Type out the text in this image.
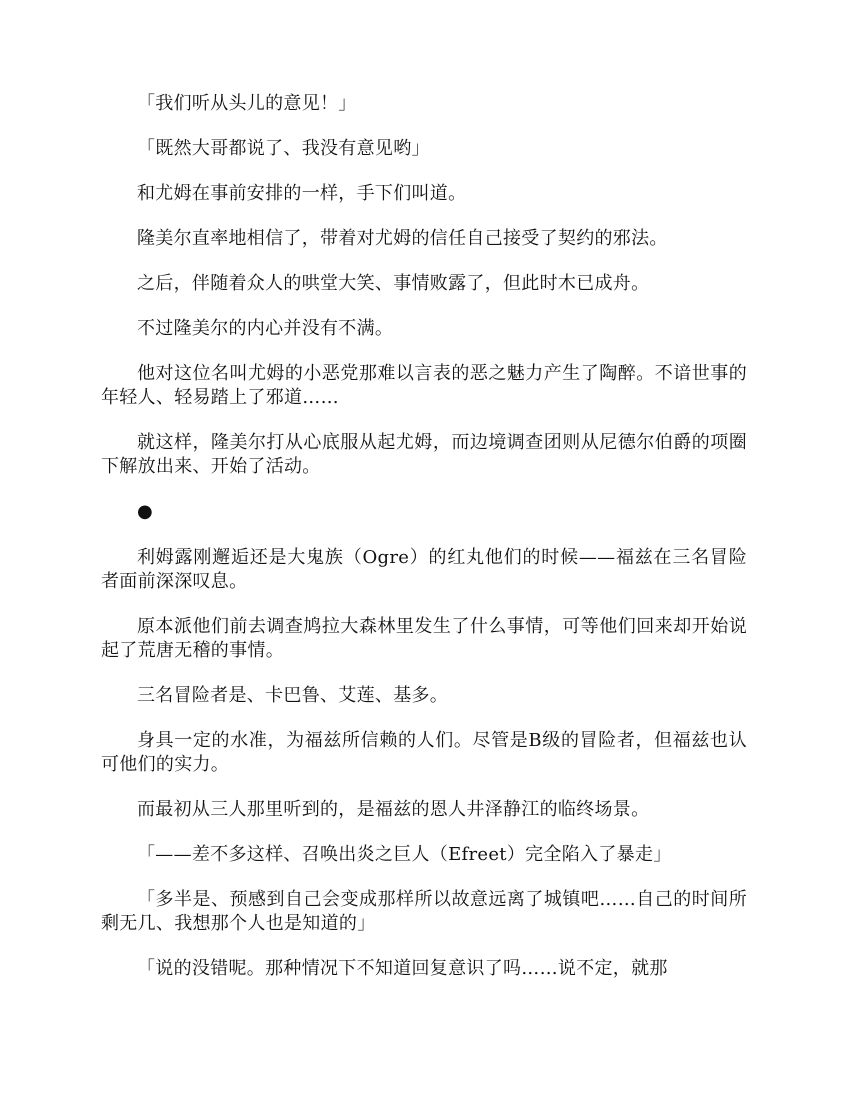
「我们听从头儿的意见！」

「既然大哥都说了、我没有意见哟」

和尤姆在事前安排的一样，手下们叫道。

隆美尔直率地相信了，带着对尤姆的信任自己接受了契约的邪法。

之后，伴随着众人的哄堂大笑、事情败露了，但此时木已成舟。

不过隆美尔的内心并没有不满。

他对这位名叫尤姆的小恶党那难以言表的恶之魅力产生了陶醉。不谙世事的年轻人、轻易踏上了邪道……

就这样，隆美尔打从心底服从起尤姆，而边境调查团则从尼德尔伯爵的项圈下解放出来、开始了活动。

●

利姆露刚邂逅还是大鬼族（Ogre）的红丸他们的时候——福兹在三名冒险者面前深深叹息。

原本派他们前去调查鸠拉大森林里发生了什么事情，可等他们回来却开始说起了荒唐无稽的事情。

三名冒险者是、卡巴鲁、艾莲、基多。

身具一定的水准，为福兹所信赖的人们。尽管是B级的冒险者，但福兹也认可他们的实力。

而最初从三人那里听到的，是福兹的恩人井泽静江的临终场景。

「——差不多这样、召唤出炎之巨人（Efreet）完全陷入了暴走」

「多半是、预感到自己会变成那样所以故意远离了城镇吧……自己的时间所剩无几、我想那个人也是知道的」

「说的没错呢。那种情况下不知道回复意识了吗……说不定，就那
